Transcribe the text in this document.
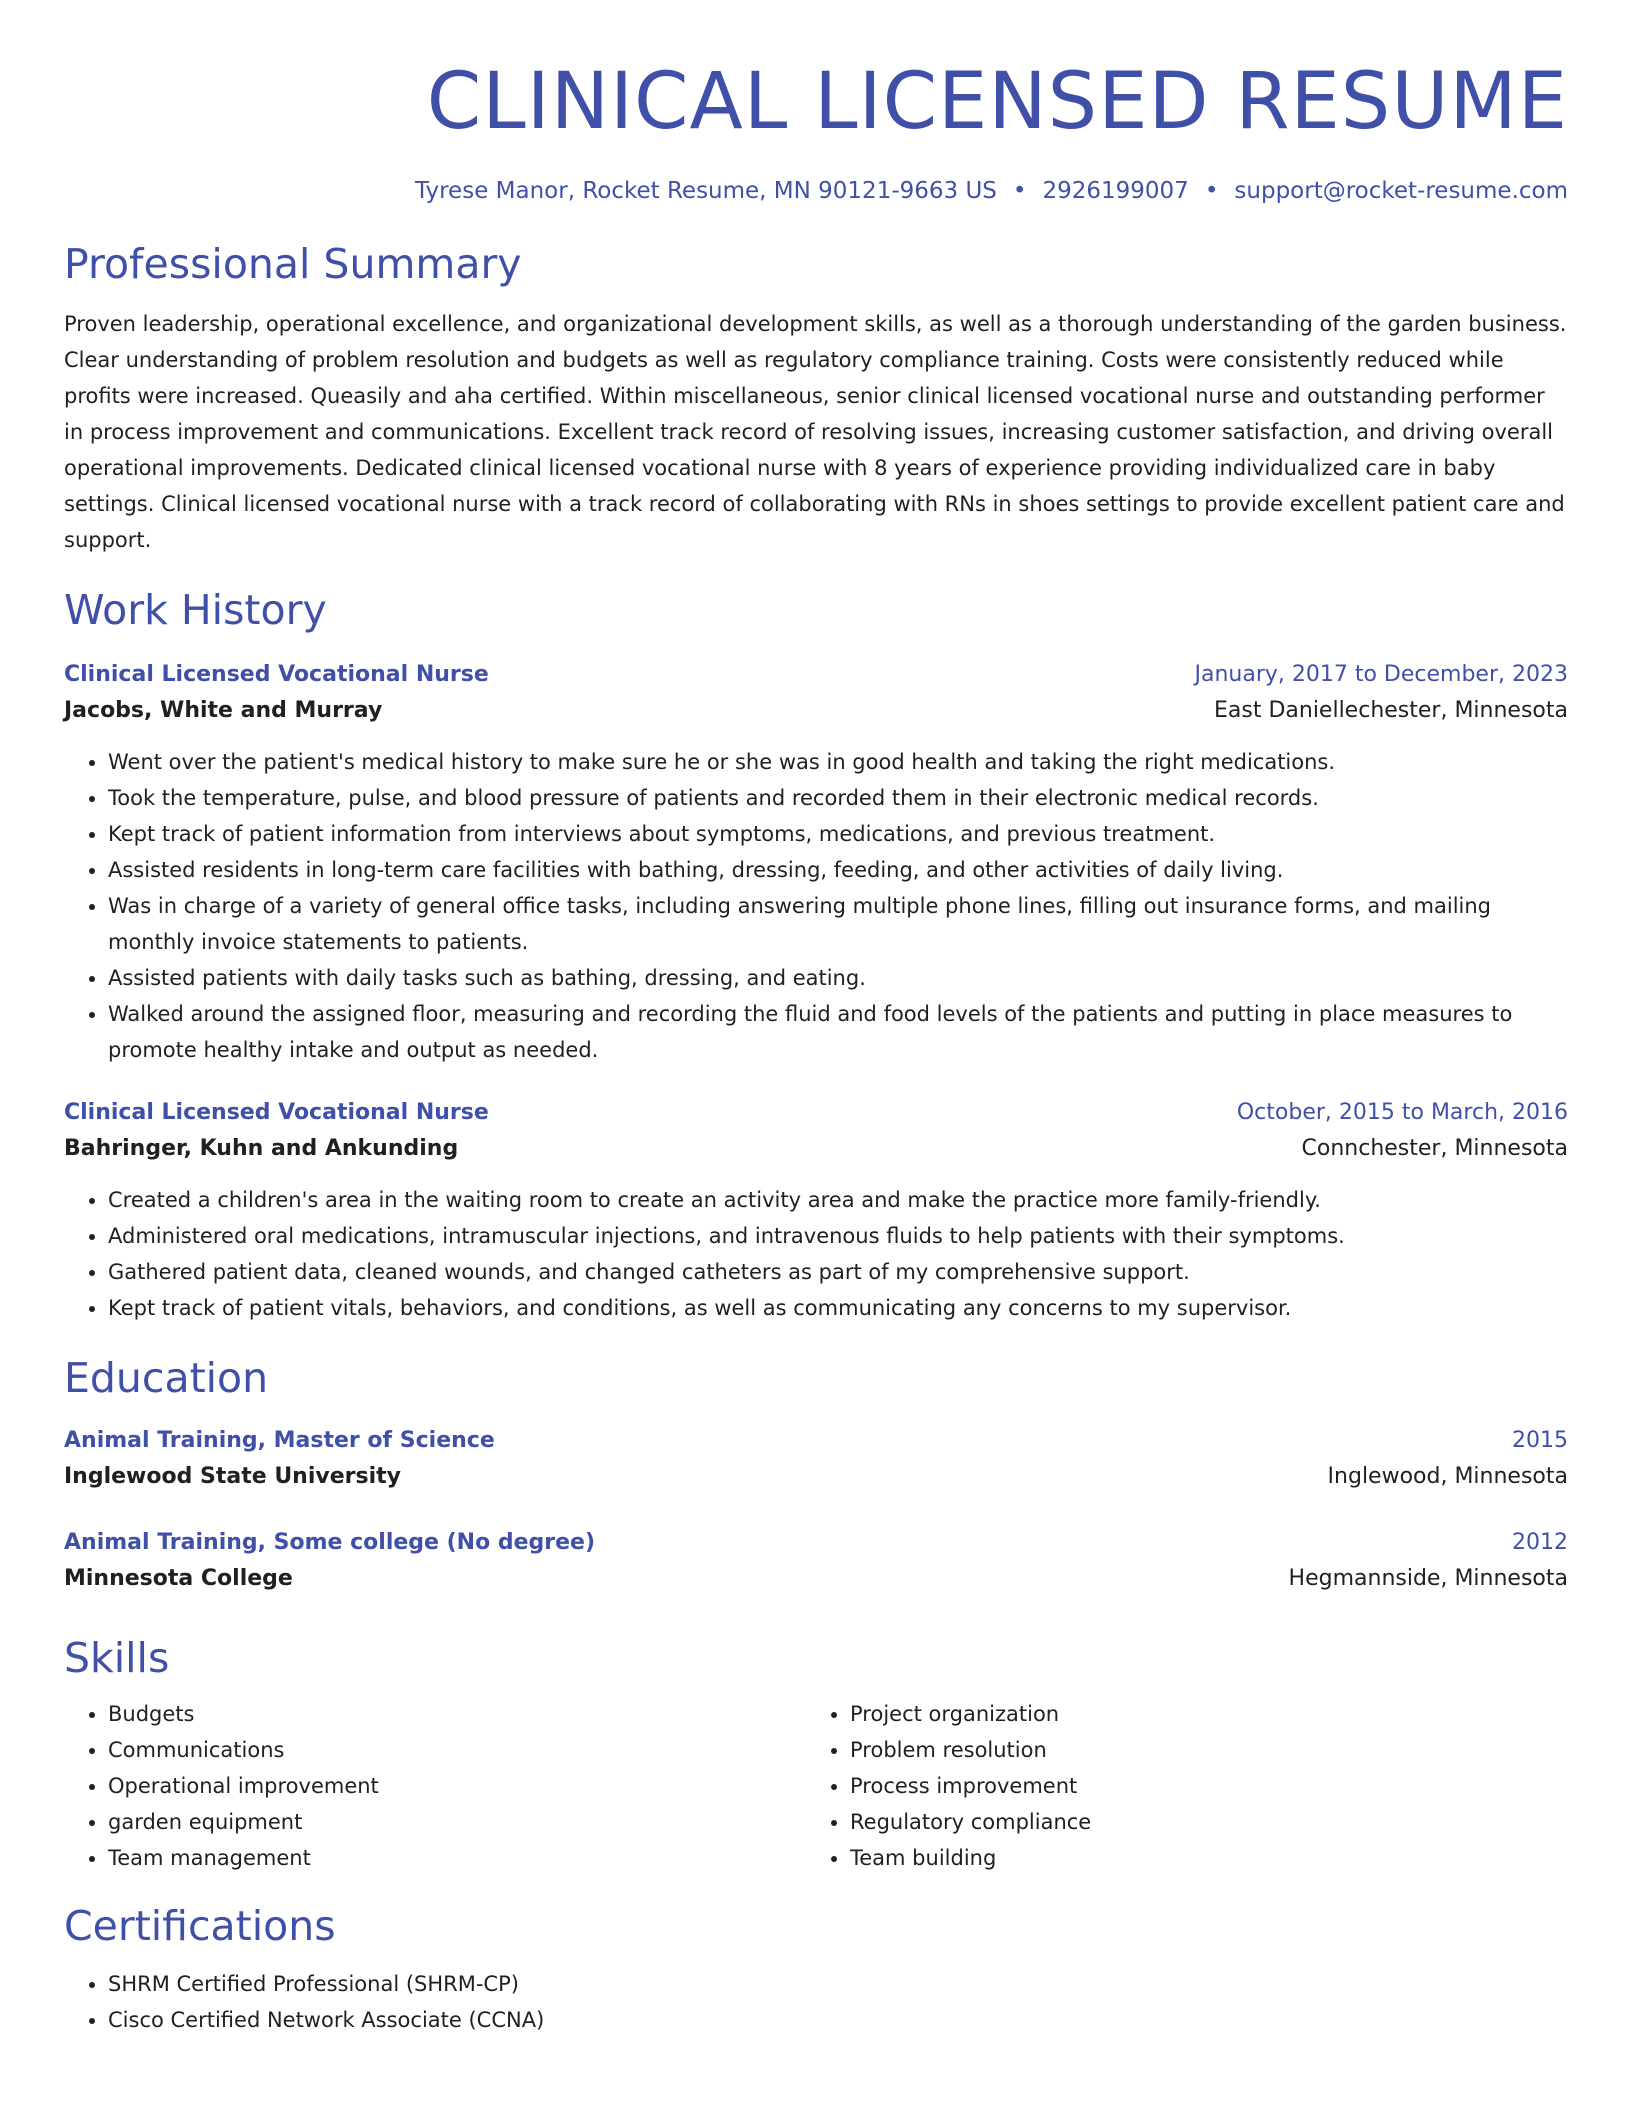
CLINICAL LICENSED RESUME
Tyrese Manor, Rocket Resume, MN 90121-9663 US • 2926199007 • support@rocket-resume.com
Professional Summary
Proven leadership, operational excellence, and organizational development skills, as well as a thorough understanding of the garden business. Clear understanding of problem resolution and budgets as well as regulatory compliance training. Costs were consistently reduced while profits were increased. Queasily and aha certified. Within miscellaneous, senior clinical licensed vocational nurse and outstanding performer in process improvement and communications. Excellent track record of resolving issues, increasing customer satisfaction, and driving overall operational improvements. Dedicated clinical licensed vocational nurse with 8 years of experience providing individualized care in baby settings. Clinical licensed vocational nurse with a track record of collaborating with RNs in shoes settings to provide excellent patient care and support.
Work History
Clinical Licensed Vocational Nurse	January, 2017 to December, 2023
Jacobs, White and Murray	East Daniellechester, Minnesota
• Went over the patient's medical history to make sure he or she was in good health and taking the right medications.
• Took the temperature, pulse, and blood pressure of patients and recorded them in their electronic medical records.
• Kept track of patient information from interviews about symptoms, medications, and previous treatment.
• Assisted residents in long-term care facilities with bathing, dressing, feeding, and other activities of daily living.
• Was in charge of a variety of general office tasks, including answering multiple phone lines, filling out insurance forms, and mailing monthly invoice statements to patients.
• Assisted patients with daily tasks such as bathing, dressing, and eating.
• Walked around the assigned floor, measuring and recording the fluid and food levels of the patients and putting in place measures to promote healthy intake and output as needed.
Clinical Licensed Vocational Nurse	October, 2015 to March, 2016
Bahringer, Kuhn and Ankunding	Connchester, Minnesota
• Created a children's area in the waiting room to create an activity area and make the practice more family-friendly.
• Administered oral medications, intramuscular injections, and intravenous fluids to help patients with their symptoms.
• Gathered patient data, cleaned wounds, and changed catheters as part of my comprehensive support.
• Kept track of patient vitals, behaviors, and conditions, as well as communicating any concerns to my supervisor.
Education
Animal Training, Master of Science	2015
Inglewood State University	Inglewood, Minnesota
Animal Training, Some college (No degree)	2012
Minnesota College	Hegmannside, Minnesota
Skills
• Budgets
• Communications
• Operational improvement
• garden equipment
• Team management
• Project organization
• Problem resolution
• Process improvement
• Regulatory compliance
• Team building
Certifications
• SHRM Certified Professional (SHRM-CP)
• Cisco Certified Network Associate (CCNA)
